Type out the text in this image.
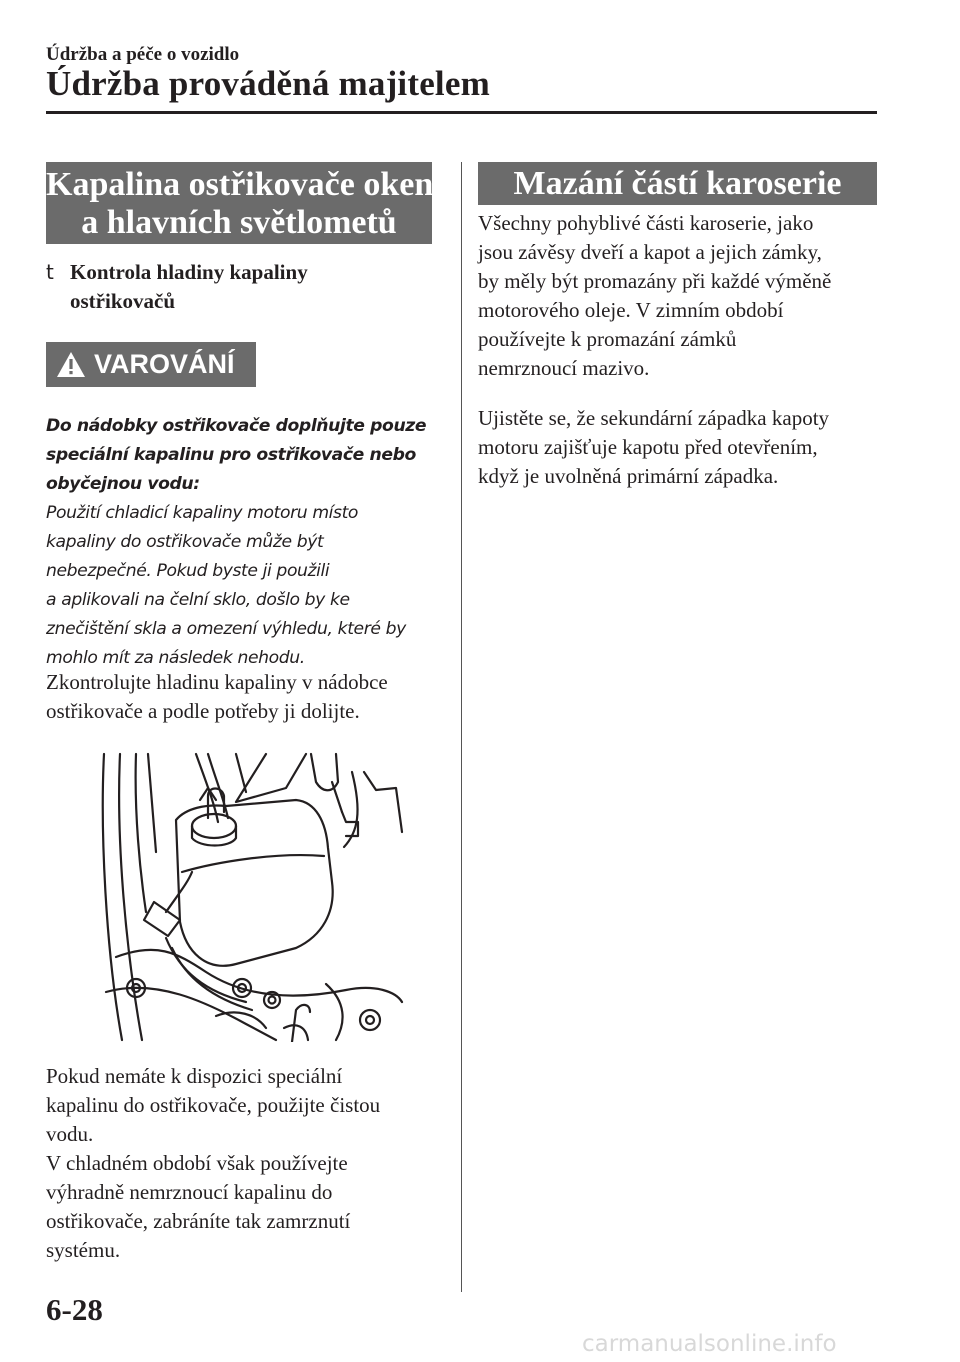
Údržba a péče o vozidlo
Údržba prováděná majitelem
Kapalina ostřikovače oken
a hlavních světlometů
t Kontrola hladiny kapaliny
ostřikovačů
VAROVÁNÍ
Do nádobky ostřikovače doplňujte pouze
speciální kapalinu pro ostřikovače nebo
obyčejnou vodu:
Použití chladicí kapaliny motoru místo
kapaliny do ostřikovače může být
nebezpečné. Pokud byste ji použili
a aplikovali na čelní sklo, došlo by ke
znečištění skla a omezení výhledu, které by
mohlo mít za následek nehodu.
Zkontrolujte hladinu kapaliny v nádobce
ostřikovače a podle potřeby ji dolijte.
Pokud nemáte k dispozici speciální
kapalinu do ostřikovače, použijte čistou
vodu.
V chladném období však používejte
výhradně nemrznoucí kapalinu do
ostřikovače, zabráníte tak zamrznutí
systému.
Mazání částí karoserie
Všechny pohyblivé části karoserie, jako
jsou závěsy dveří a kapot a jejich zámky,
by měly být promazány při každé výměně
motorového oleje. V zimním období
používejte k promazání zámků
nemrznoucí mazivo.
Ujistěte se, že sekundární západka kapoty
motoru zajišťuje kapotu před otevřením,
když je uvolněná primární západka.
6-28
carmanualsonline.info
